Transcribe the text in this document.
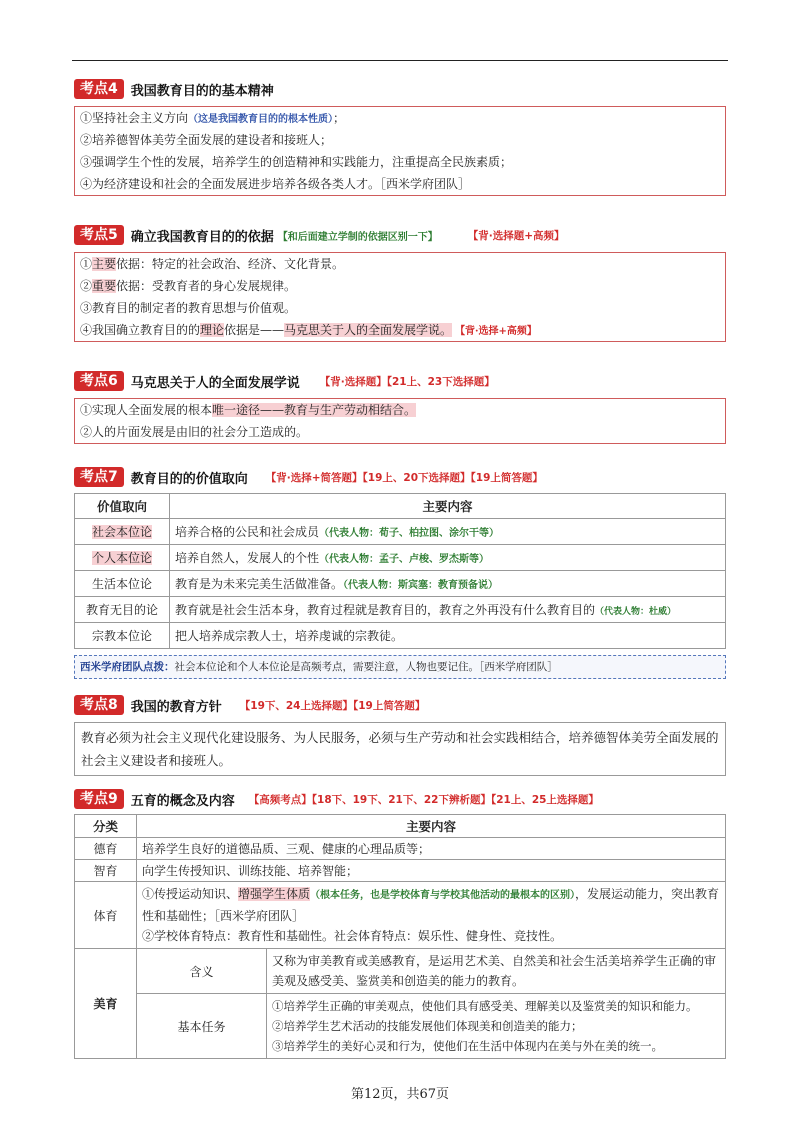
考点4	我国教育目的的基本精神
①坚持社会主义方向（这是我国教育目的的根本性质）；
②培养德智体美劳全面发展的建设者和接班人；
③强调学生个性的发展，培养学生的创造精神和实践能力，注重提高全民族素质；
④为经济建设和社会的全面发展进步培养各级各类人才。［西米学府团队］
考点5	确立我国教育目的的依据 【和后面建立学制的依据区别一下】	【背·选择题+高频】
①主要依据：特定的社会政治、经济、文化背景。
②重要依据：受教育者的身心发展规律。
③教育目的制定者的教育思想与价值观。
④我国确立教育目的的理论依据是——马克思关于人的全面发展学说。 【背·选择+高频】
考点6	马克思关于人的全面发展学说 【背·选择题】【21上、23下选择题】
①实现人全面发展的根本唯一途径——教育与生产劳动相结合。
②人的片面发展是由旧的社会分工造成的。
考点7	教育目的的价值取向 【背·选择+简答题】【19上、20下选择题】【19上简答题】
价值取向	主要内容
社会本位论	培养合格的公民和社会成员（代表人物：荀子、柏拉图、涂尔干等）
个人本位论	培养自然人，发展人的个性（代表人物：孟子、卢梭、罗杰斯等）
生活本位论	教育是为未来完美生活做准备。（代表人物：斯宾塞：教育预备说）
教育无目的论	教育就是社会生活本身，教育过程就是教育目的，教育之外再没有什么教育目的（代表人物：杜威）
宗教本位论	把人培养成宗教人士，培养虔诚的宗教徒。
西米学府团队点拨：社会本位论和个人本位论是高频考点，需要注意，人物也要记住。［西米学府团队］
考点8	我国的教育方针 【19下、24上选择题】【19上简答题】
教育必须为社会主义现代化建设服务、为人民服务，必须与生产劳动和社会实践相结合，培养德智体美劳全面发展的社会主义建设者和接班人。
考点9	五育的概念及内容 【高频考点】【18下、19下、21下、22下辨析题】【21上、25上选择题】
分类	主要内容	
德育	培养学生良好的道德品质、三观、健康的心理品质等；	
智育	向学生传授知识、训练技能、培养智能；	
体育	①传授运动知识、增强学生体质（根本任务，也是学校体育与学校其他活动的最根本的区别），发展运动能力，突出教育性和基础性；［西米学府团队］
②学校体育特点：教育性和基础性。社会体育特点：娱乐性、健身性、竞技性。	
美育	含义	又称为审美教育或美感教育，是运用艺术美、自然美和社会生活美培养学生正确的审美观及感受美、鉴赏美和创造美的能力的教育。
	基本任务	①培养学生正确的审美观点，使他们具有感受美、理解美以及鉴赏美的知识和能力。
②培养学生艺术活动的技能发展他们体现美和创造美的能力；
③培养学生的美好心灵和行为，使他们在生活中体现内在美与外在美的统一。
第12页，共67页
